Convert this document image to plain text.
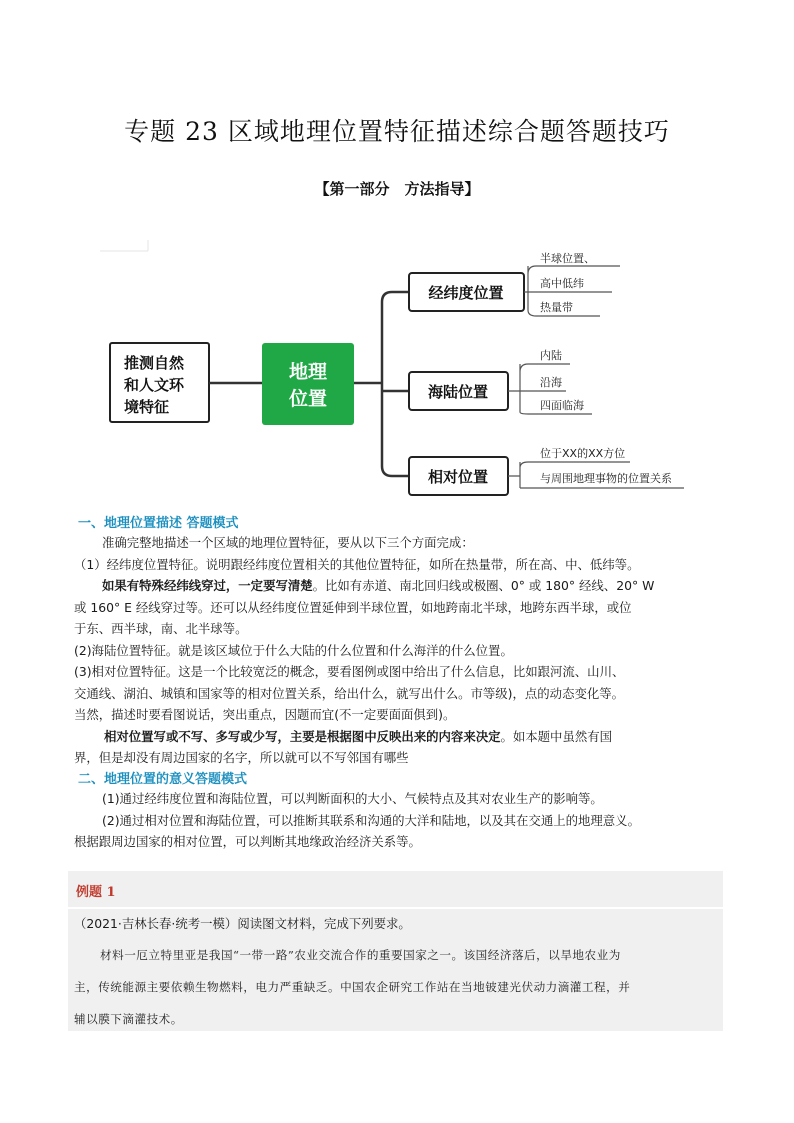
专题 23 区域地理位置特征描述综合题答题技巧
【第一部分　方法指导】
推测自然
和人文环
境特征
地理
位置
经纬度位置
半球位置、
高中低纬
热量带
海陆位置
内陆
沿海
四面临海
相对位置
位于XX的XX方位
与周围地理事物的位置关系
一、地理位置描述 答题模式

准确完整地描述一个区域的地理位置特征，要从以下三个方面完成：

（1）经纬度位置特征。说明跟经纬度位置相关的其他位置特征，如所在热量带，所在高、中、低纬等。

如果有特殊经纬线穿过，一定要写清楚。比如有赤道、南北回归线或极圈、0° 或 180° 经线、20° W

或 160° E 经线穿过等。还可以从经纬度位置延伸到半球位置，如地跨南北半球，地跨东西半球，或位

于东、西半球，南、北半球等。

(2)海陆位置特征。就是该区域位于什么大陆的什么位置和什么海洋的什么位置。

(3)相对位置特征。这是一个比较宽泛的概念，要看图例或图中给出了什么信息，比如跟河流、山川、

交通线、湖泊、城镇和国家等的相对位置关系，给出什么，就写出什么。市等级)，点的动态变化等。

当然，描述时要看图说话，突出重点，因题而宜(不一定要面面俱到)。

相对位置写或不写、多写或少写，主要是根据图中反映出来的内容来决定。如本题中虽然有国

界，但是却没有周边国家的名字，所以就可以不写邻国有哪些

二、地理位置的意义答题模式

(1)通过经纬度位置和海陆位置，可以判断面积的大小、气候特点及其对农业生产的影响等。

(2)通过相对位置和海陆位置，可以推断其联系和沟通的大洋和陆地，以及其在交通上的地理意义。

根据跟周边国家的相对位置，可以判断其地缘政治经济关系等。

例题 1
（2021·吉林长春·统考一模）阅读图文材料，完成下列要求。

材料一厄立特里亚是我国“一带一路”农业交流合作的重要国家之一。该国经济落后，以旱地农业为

主，传统能源主要依赖生物燃料，电力严重缺乏。中国农企研究工作站在当地铍建光伏动力滴灌工程，并

辅以膜下滴灌技术。
